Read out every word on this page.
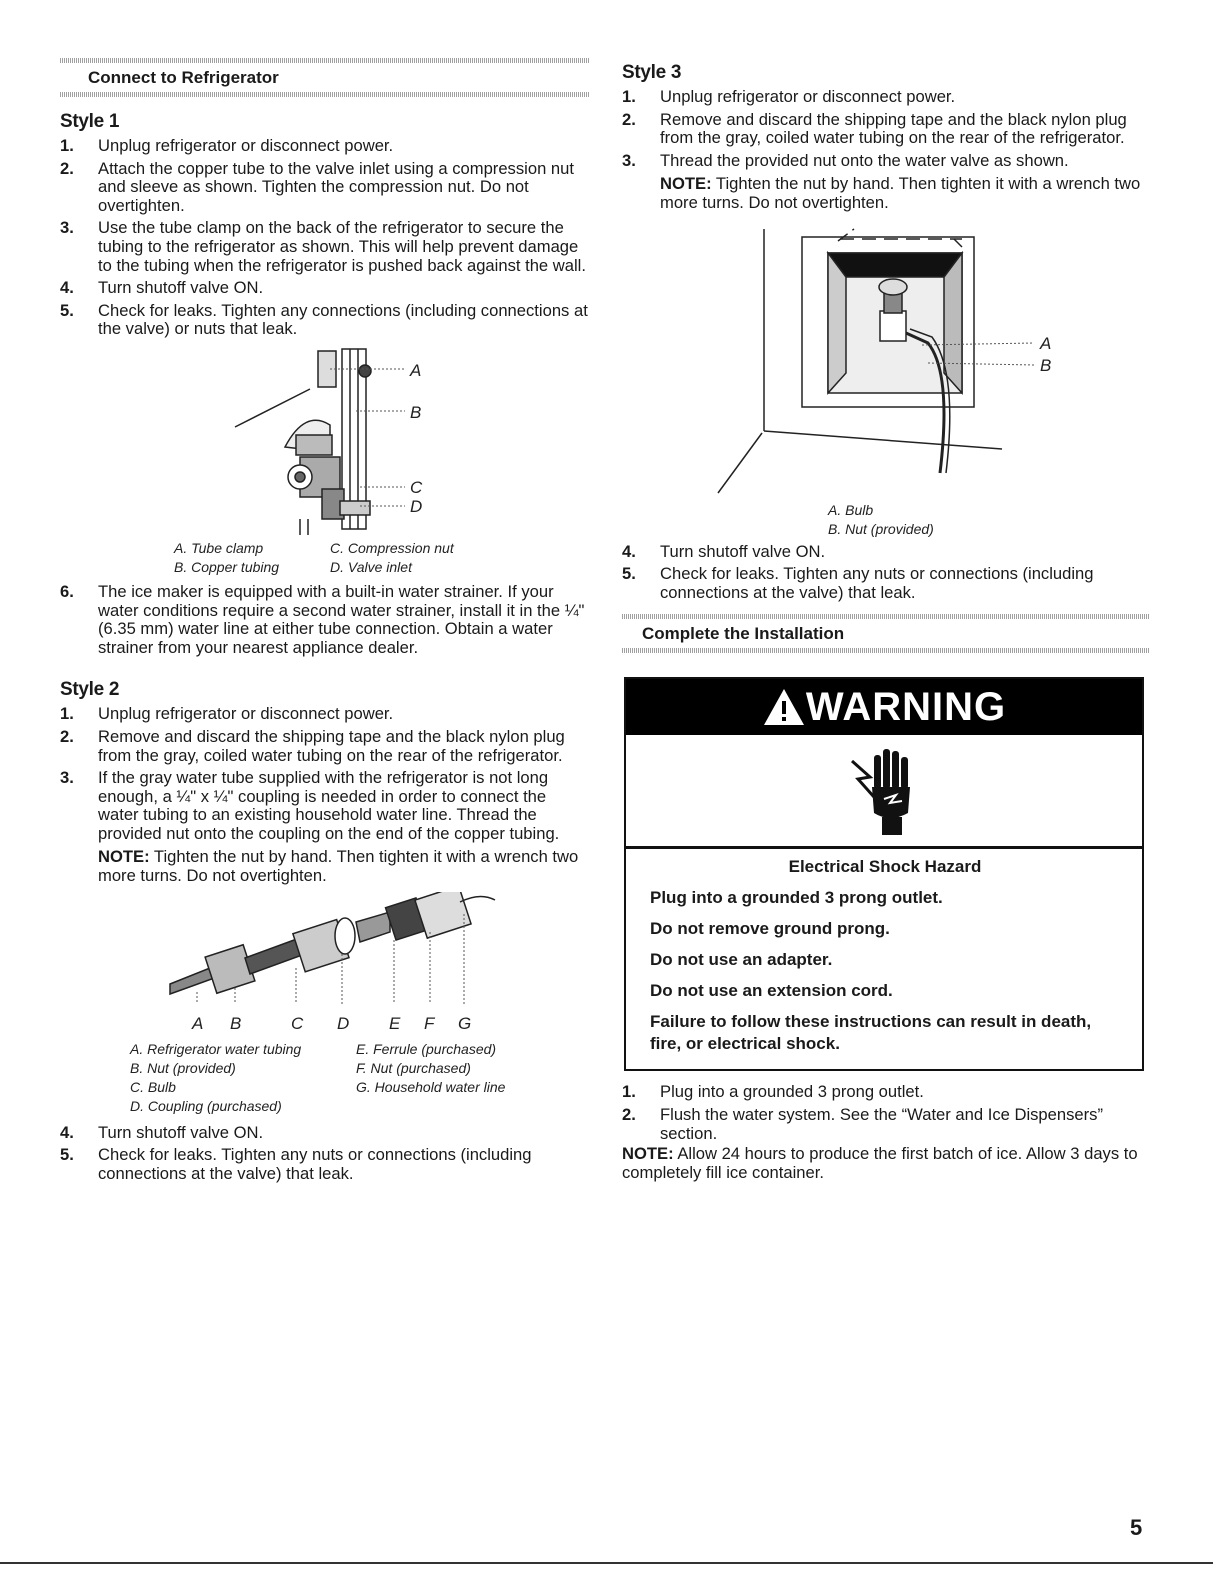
Connect to Refrigerator
Style 1
1. Unplug refrigerator or disconnect power.
2. Attach the copper tube to the valve inlet using a compression nut and sleeve as shown. Tighten the compression nut. Do not overtighten.
3. Use the tube clamp on the back of the refrigerator to secure the tubing to the refrigerator as shown. This will help prevent damage to the tubing when the refrigerator is pushed back against the wall.
4. Turn shutoff valve ON.
5. Check for leaks. Tighten any connections (including connections at the valve) or nuts that leak.
A
B
C
D
A. Tube clamp	C. Compression nut
B. Copper tubing	D. Valve inlet
6. The ice maker is equipped with a built-in water strainer. If your water conditions require a second water strainer, install it in the ¼" (6.35 mm) water line at either tube connection. Obtain a water strainer from your nearest appliance dealer.
Style 2
1. Unplug refrigerator or disconnect power.
2. Remove and discard the shipping tape and the black nylon plug from the gray, coiled water tubing on the rear of the refrigerator.
3. If the gray water tube supplied with the refrigerator is not long enough, a ¼" x ¼" coupling is needed in order to connect the water tubing to an existing household water line. Thread the provided nut onto the coupling on the end of the copper tubing.
NOTE: Tighten the nut by hand. Then tighten it with a wrench two more turns. Do not overtighten.
A B	C D E F G
A. Refrigerator water tubing
B. Nut (provided)
C. Bulb
D. Coupling (purchased)
E. Ferrule (purchased)
F. Nut (purchased)
G. Household water line
4. Turn shutoff valve ON.
5. Check for leaks. Tighten any nuts or connections (including connections at the valve) that leak.
Style 3
1. Unplug refrigerator or disconnect power.
2. Remove and discard the shipping tape and the black nylon plug from the gray, coiled water tubing on the rear of the refrigerator.
3. Thread the provided nut onto the water valve as shown.
NOTE: Tighten the nut by hand. Then tighten it with a wrench two more turns. Do not overtighten.
A
B
A. Bulb
B. Nut (provided)
4. Turn shutoff valve ON.
5. Check for leaks. Tighten any nuts or connections (including connections at the valve) that leak.
Complete the Installation
WARNING
Electrical Shock Hazard

Plug into a grounded 3 prong outlet.

Do not remove ground prong.

Do not use an adapter.

Do not use an extension cord.

Failure to follow these instructions can result in death, fire, or electrical shock.

1. Plug into a grounded 3 prong outlet.
2. Flush the water system. See the “Water and Ice Dispensers” section.
NOTE: Allow 24 hours to produce the first batch of ice. Allow 3 days to completely fill ice container.
5
